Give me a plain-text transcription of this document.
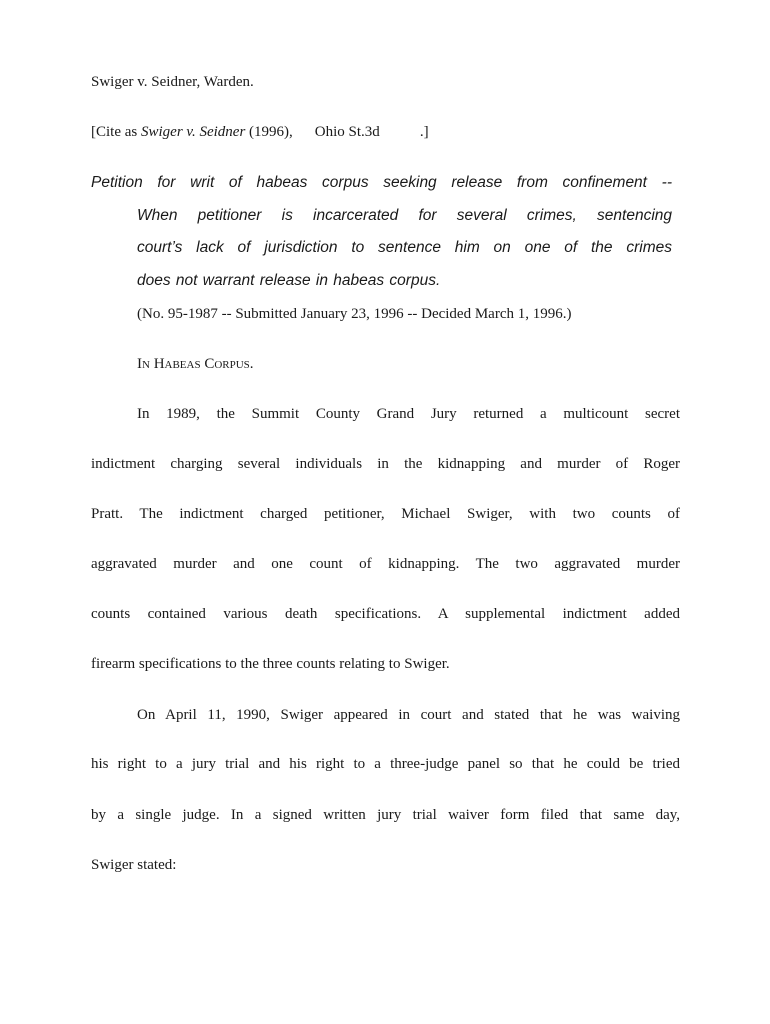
Swiger v. Seidner, Warden.
[Cite as Swiger v. Seidner (1996), Ohio St.3d	.]
Petition for writ of habeas corpus seeking release from confinement --
When petitioner is incarcerated for several crimes, sentencing
court’s lack of jurisdiction to sentence him on one of the crimes
does not warrant release in habeas corpus.
(No. 95-1987 -- Submitted January 23, 1996 -- Decided March 1, 1996.)
In Habeas Corpus.
In 1989, the Summit County Grand Jury returned a multicount secret
indictment charging several individuals in the kidnapping and murder of Roger
Pratt. The indictment charged petitioner, Michael Swiger, with two counts of
aggravated murder and one count of kidnapping. The two aggravated murder
counts contained various death specifications. A supplemental indictment added
firearm specifications to the three counts relating to Swiger.
On April 11, 1990, Swiger appeared in court and stated that he was waiving
his right to a jury trial and his right to a three-judge panel so that he could be tried
by a single judge. In a signed written jury trial waiver form filed that same day,
Swiger stated:
